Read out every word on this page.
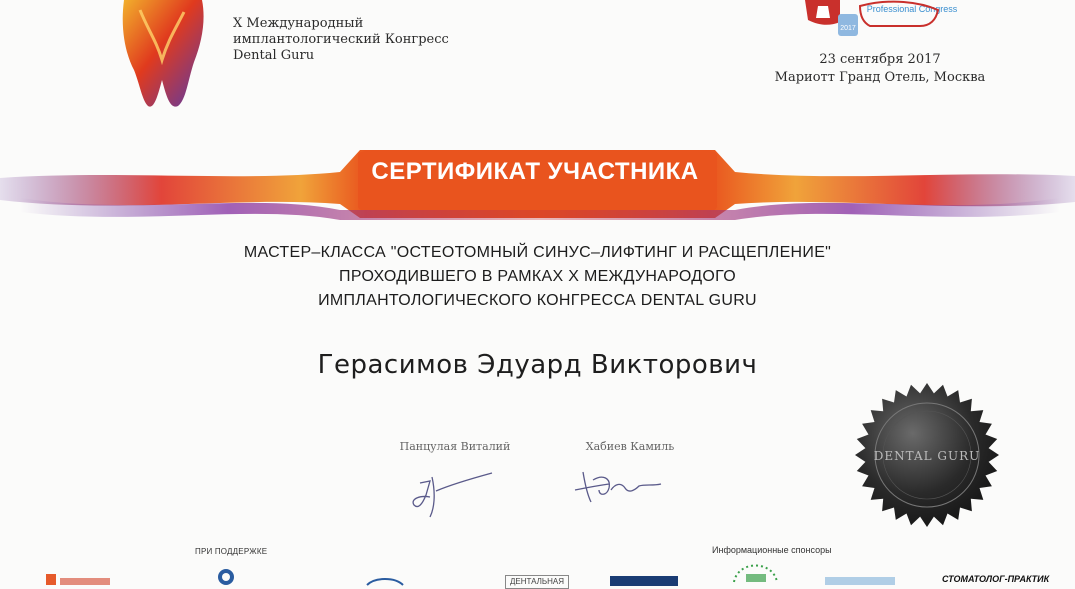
X Международный
имплантологический Конгресс
Dental Guru
2017
Professional Congress
23 сентября 2017
Мариотт Гранд Отель, Москва
СЕРТИФИКАТ УЧАСТНИКА
МАСТЕР–КЛАССА "ОСТЕОТОМНЫЙ СИНУС–ЛИФТИНГ И РАСЩЕПЛЕНИЕ"
ПРОХОДИВШЕГО В РАМКАХ X МЕЖДУНАРОДОГО
ИМПЛАНТОЛОГИЧЕСКОГО КОНГРЕССА DENTAL GURU
Герасимов Эдуард Викторович
Панцулая Виталий	Хабиев Камиль
DENTAL GURU
ПРИ ПОДДЕРЖКЕ	Информационные спонсоры
ДЕНТАЛЬНАЯ	СТОМАТОЛОГ-ПРАКТИК
